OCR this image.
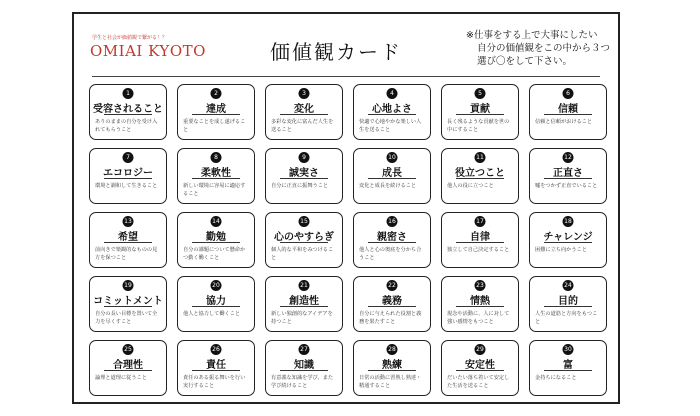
学生と社会が価値観で繋がる！？
OMIAI KYOTO	価値観カード
※仕事をする上で大事にしたい
自分の価値観をこの中から３つ
選び〇をして下さい。
1
受容されること
ありのままの自分を受け入れてもらうこと
2
達成
重要なことを成し遂げること
3
変化
多彩な変化に富んだ人生を送ること
4
心地よさ
快適で心地やかな楽しい人生を送ること
5
貢献
長く残るような貢献を世の中にすること
6
信頼
信頼と信頼がおけること
7
エコロジー
環境と調和して生きること
8
柔軟性
新しい環境に容易に適応すること
9
誠実さ
自分に正直に振舞うこと
10
成長
変化と成長を続けること
11
役立つこと
他人の役に立つこと
12
正直さ
嘘をつかず正直でいること
13
希望
前向きで楽観的なものの見方を保つこと
14
勤勉
自分の課題について懸命かつ勤く働くこと
15
心のやすらぎ
個人的な平和をみつけること
16
親密さ
他人と心の奥底を分かち合うこと
17
自律
独立して自己決定すること
18
チャレンジ
困難に立ち向かうこと
19
コミットメント
自分の長い目標を置いて全力を尽くすこと
20
協力
他人と協力して働くこと
21
創造性
新しい独創的なアイデアを持つこと
22
義務
自分に与えられた役割と義務を果たすこと
23
情熱
現念や活動に、人に対して強い感情をもつこと
24
目的
人生の道筋と方向をもつこと
25
合理性
論理と道理に従うこと
26
責任
責任のある振る舞いを行い実行すること
27
知識
有意義な知識を学び、また学び続けること
28
熟練
日常の活動に習熟し熟達・精通すること
29
安定性
だいたい落ち着いて安定した生活を送ること
30
富
金持ちになること
